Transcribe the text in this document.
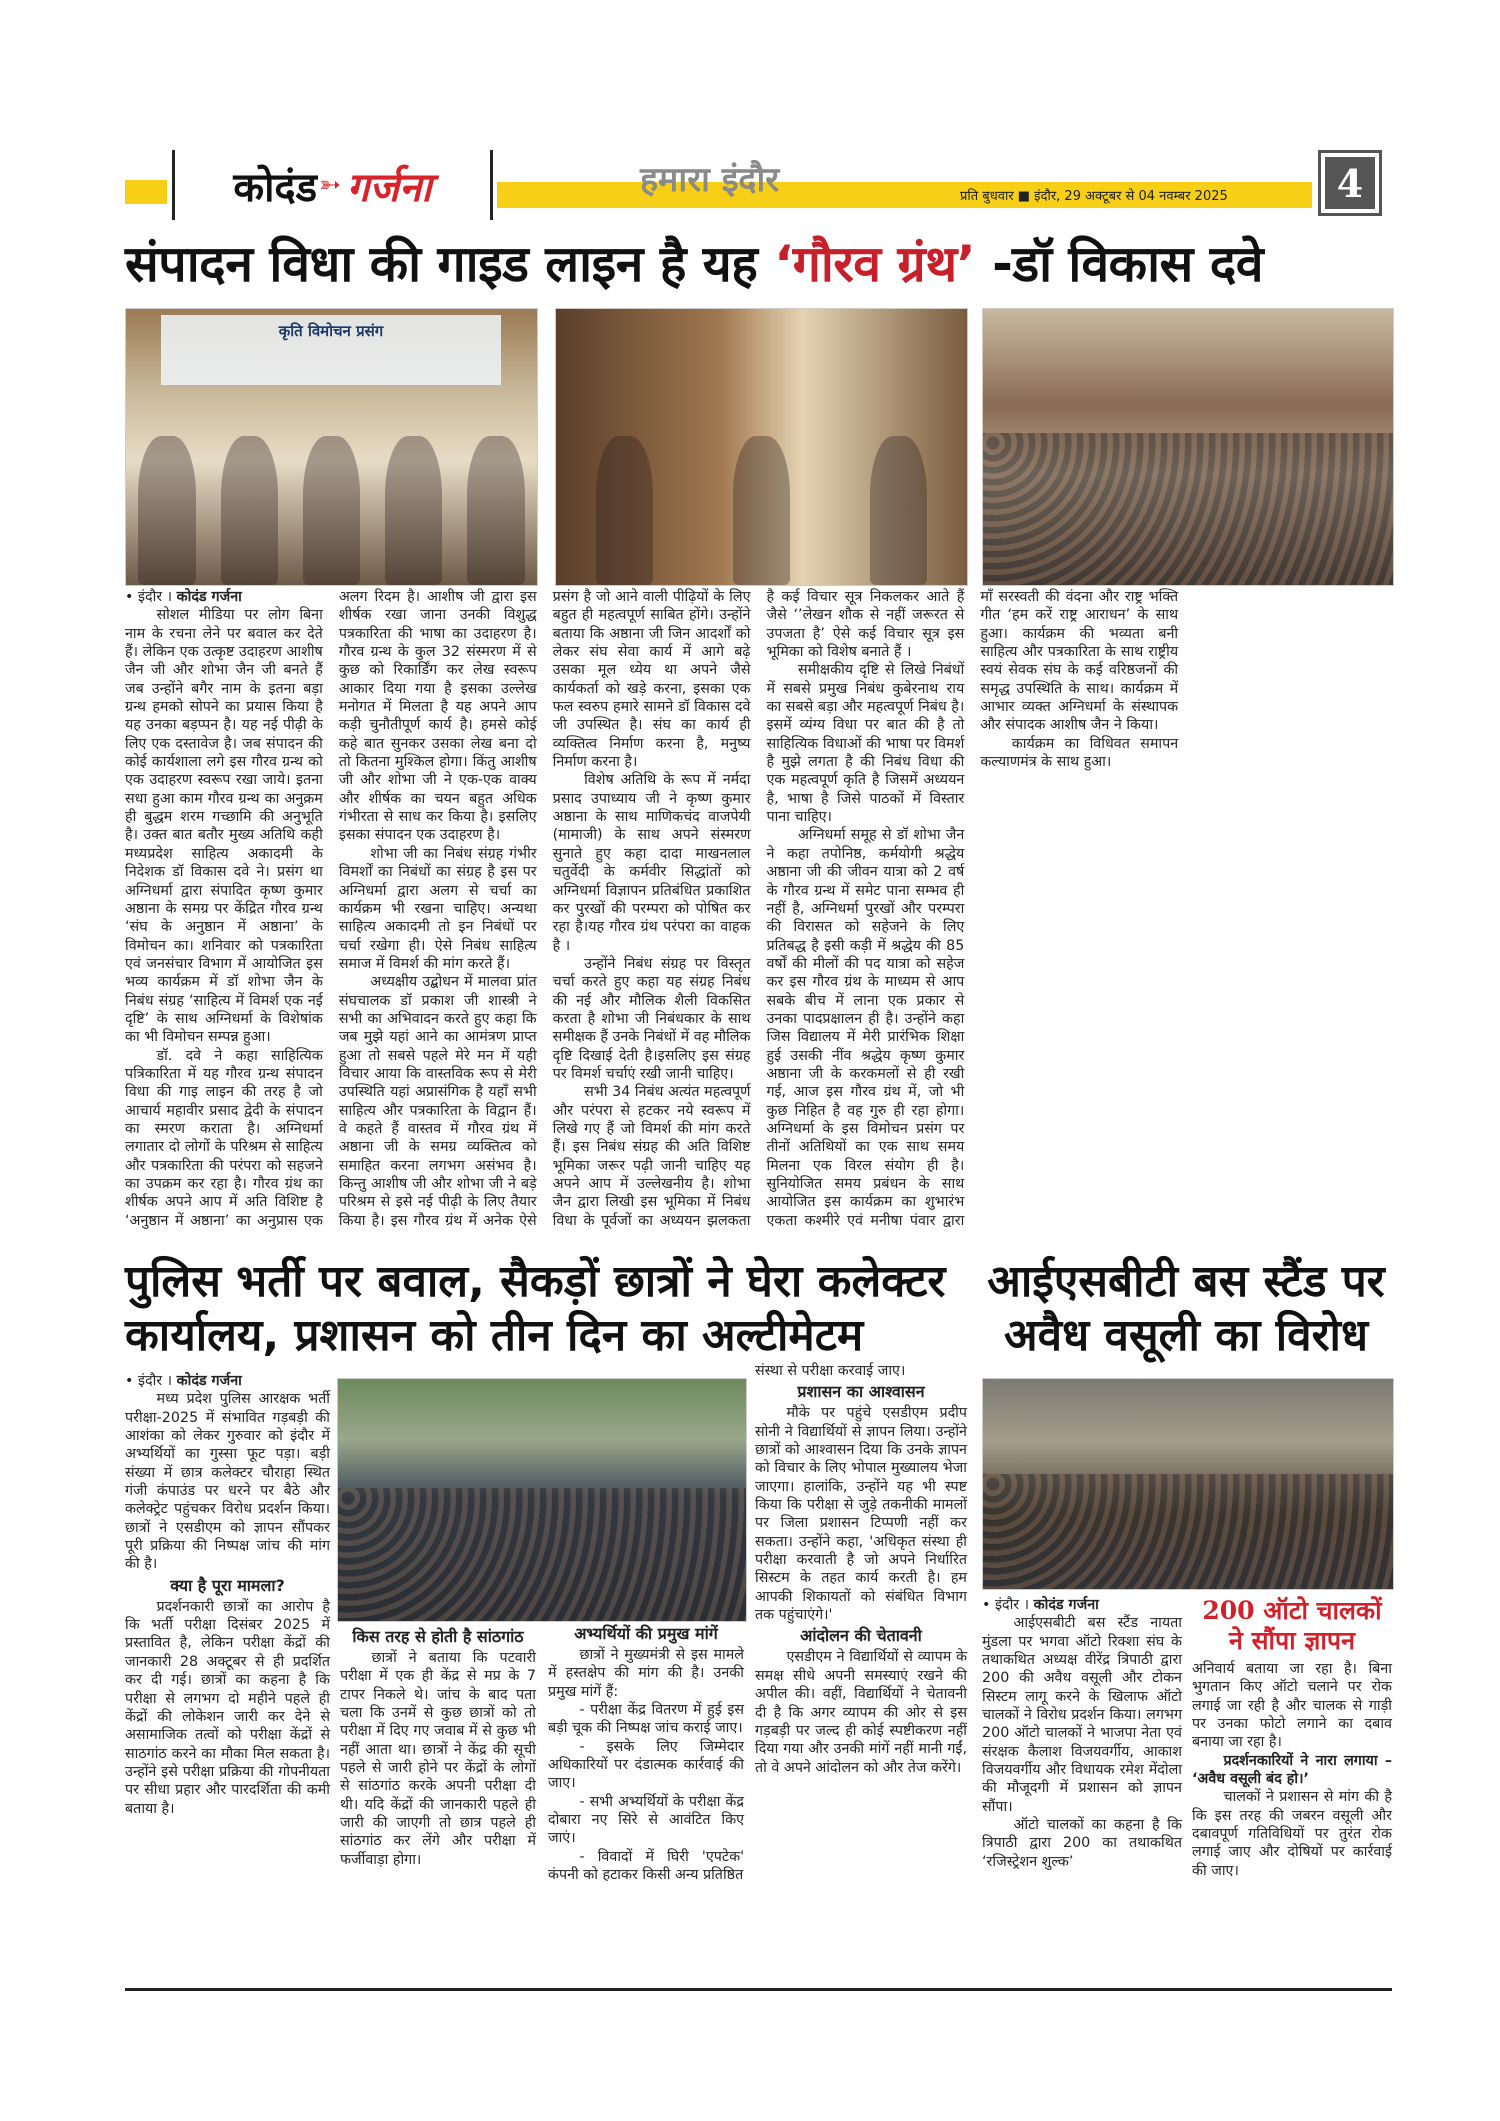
कोदंड ➳ गर्जना	हमारा इंदौर	प्रति बुधवार ■ इंदौर, 29 अक्टूबर से 04 नवम्बर 2025	4
संपादन विधा की गाइड लाइन है यह ‘गौरव ग्रंथ’ -डॉ विकास दवे
कृति विमोचन प्रसंग
• इंदौर । कोदंड गर्जना

सोशल मीडिया पर लोग बिना नाम के रचना लेने पर बवाल कर देते हैं। लेकिन एक उत्कृष्ट उदाहरण आशीष जैन जी और शोभा जैन जी बनते हैं जब उन्होंने बगैर नाम के इतना बड़ा ग्रन्थ हमको सोपने का प्रयास किया है यह उनका बड़प्पन है। यह नई पीढ़ी के लिए एक दस्तावेज है। जब संपादन की कोई कार्यशाला लगे इस गौरव ग्रन्थ को एक उदाहरण स्वरूप रखा जाये। इतना सधा हुआ काम गौरव ग्रन्थ का अनुक्रम ही बुद्धम शरम गच्छामि की अनुभूति है। उक्त बात बतौर मुख्य अतिथि कही मध्यप्रदेश साहित्य अकादमी के निदेशक डॉ विकास दवे ने। प्रसंग था अग्निधर्मा द्वारा संपादित कृष्ण कुमार अष्ठाना के समग्र पर केंद्रित गौरव ग्रन्थ ‘संघ के अनुष्ठान में अष्ठाना’ के विमोचन का। शनिवार को पत्रकारिता एवं जनसंचार विभाग में आयोजित इस भव्य कार्यक्रम में डॉ शोभा जैन के निबंध संग्रह ‘साहित्य में विमर्श एक नई दृष्टि’ के साथ अग्निधर्मा के विशेषांक का भी विमोचन सम्पन्न हुआ।

डॉ. दवे ने कहा साहित्यिक पत्रिकारिता में यह गौरव ग्रन्थ संपादन विधा की गाइ लाइन की तरह है जो आचार्य महावीर प्रसाद द्वेदी के संपादन का स्मरण कराता है। अग्निधर्मा लगातार दो लोगों के परिश्रम से साहित्य और पत्रकारिता की परंपरा को सहजने का उपक्रम कर रहा है। गौरव ग्रंथ का शीर्षक अपने आप में अति विशिष्ट है ‘अनुष्ठान में अष्ठाना’ का अनुप्रास एक अलग रिदम है। आशीष जी द्वारा इस शीर्षक रखा जाना उनकी विशुद्ध पत्रकारिता की भाषा का उदाहरण है। गौरव ग्रन्थ के कुल 32 संस्मरण में से कुछ को रिकार्डिंग कर लेख स्वरूप आकार दिया गया है इसका उल्लेख मनोगत में मिलता है यह अपने आप कड़ी चुनौतीपूर्ण कार्य है। हमसे कोई कहे बात सुनकर उसका लेख बना दो तो कितना मुश्किल होगा। किंतु आशीष जी और शोभा जी ने एक-एक वाक्य और शीर्षक का चयन बहुत अधिक गंभीरता से साध कर किया है। इसलिए इसका संपादन एक उदाहरण है।

शोभा जी का निबंध संग्रह गंभीर विमर्शों का निबंधों का संग्रह है इस पर अग्निधर्मा द्वारा अलग से चर्चा का कार्यक्रम भी रखना चाहिए। अन्यथा साहित्य अकादमी तो इन निबंधों पर चर्चा रखेगा ही। ऐसे निबंध साहित्य समाज में विमर्श की मांग करते हैं।

अध्यक्षीय उद्बोधन में मालवा प्रांत संघचालक डॉ प्रकाश जी शास्त्री ने सभी का अभिवादन करते हुए कहा कि जब मुझे यहां आने का आमंत्रण प्राप्त हुआ तो सबसे पहले मेरे मन में यही विचार आया कि वास्तविक रूप से मेरी उपस्थिति यहां अप्रासंगिक है यहाँ सभी साहित्य और पत्रकारिता के विद्वान हैं। वे कहते हैं वास्तव में गौरव ग्रंथ में अष्ठाना जी के समग्र व्यक्तित्व को समाहित करना लगभग असंभव है।किन्तु आशीष जी और शोभा जी ने बड़े परिश्रम से इसे नई पीढ़ी के लिए तैयार किया है। इस गौरव ग्रंथ में अनेक ऐसे प्रसंग है जो आने वाली पीढ़ियों के लिए बहुत ही महत्वपूर्ण साबित होंगे। उन्होंने बताया कि अष्ठाना जी जिन आदर्शों को लेकर संघ सेवा कार्य में आगे बढ़े उसका मूल ध्येय था अपने जैसे कार्यकर्ता को खड़े करना, इसका एक फल स्वरुप हमारे सामने डॉ विकास दवे जी उपस्थित है। संघ का कार्य ही व्यक्तित्व निर्माण करना है, मनुष्य निर्माण करना है।

विशेष अतिथि के रूप में नर्मदा प्रसाद उपाध्याय जी ने कृष्ण कुमार अष्ठाना के साथ माणिकचंद वाजपेयी (मामाजी) के साथ अपने संस्मरण सुनाते हुए कहा दादा माखनलाल चतुर्वेदी के कर्मवीर सिद्धांतों को अग्निधर्मा विज्ञापन प्रतिबंधित प्रकाशित कर पुरखों की परम्परा को पोषित कर रहा है।यह गौरव ग्रंथ परंपरा का वाहक है ।

उन्होंने निबंध संग्रह पर विस्तृत चर्चा करते हुए कहा यह संग्रह निबंध की नई और मौलिक शैली विकसित करता है शोभा जी निबंधकार के साथ समीक्षक हैं उनके निबंधों में वह मौलिक दृष्टि दिखाई देती है।इसलिए इस संग्रह पर विमर्श चर्चाएं रखी जानी चाहिए।

सभी 34 निबंध अत्यंत महत्वपूर्ण और परंपरा से हटकर नये स्वरूप में लिखे गए हैं जो विमर्श की मांग करते हैं। इस निबंध संग्रह की अति विशिष्ट भूमिका जरूर पढ़ी जानी चाहिए यह अपने आप में उल्लेखनीय है। शोभा जैन द्वारा लिखी इस भूमिका में निबंध विधा के पूर्वजों का अध्ययन झलकता है कई विचार सूत्र निकलकर आते हैं जैसे ‘’लेखन शौक से नहीं जरूरत से उपजता है’ ऐसे कई विचार सूत्र इस भूमिका को विशेष बनाते हैं ।

समीक्षकीय दृष्टि से लिखे निबंधों में सबसे प्रमुख निबंध कुबेरनाथ राय का सबसे बड़ा और महत्वपूर्ण निबंध है। इसमें व्यंग्य विधा पर बात की है तो साहित्यिक विधाओं की भाषा पर विमर्श है मुझे लगता है की निबंध विधा की एक महत्वपूर्ण कृति है जिसमें अध्ययन है, भाषा है जिसे पाठकों में विस्तार पाना चाहिए।

अग्निधर्मा समूह से डॉ शोभा जैन ने कहा तपोनिष्ठ, कर्मयोगी श्रद्धेय अष्ठाना जी की जीवन यात्रा को 2 वर्ष के गौरव ग्रन्थ में समेट पाना सम्भव ही नहीं है, अग्निधर्मा पुरखों और परम्परा की विरासत को सहेजने के लिए प्रतिबद्ध है इसी कड़ी में श्रद्धेय की 85 वर्षों की मीलों की पद यात्रा को सहेज कर इस गौरव ग्रंथ के माध्यम से आप सबके बीच में लाना एक प्रकार से उनका पादप्रक्षालन ही है। उन्होंने कहा जिस विद्यालय में मेरी प्रारंभिक शिक्षा हुई उसकी नींव श्रद्धेय कृष्ण कुमार अष्ठाना जी के करकमलों से ही रखी गई, आज इस गौरव ग्रंथ में, जो भी कुछ निहित है वह गुरु ही रहा होगा। अग्निधर्मा के इस विमोचन प्रसंग पर तीनों अतिथियों का एक साथ समय मिलना एक विरल संयोग ही है। सुनियोजित समय प्रबंधन के साथ आयोजित इस कार्यक्रम का शुभारंभ एकता कश्मीरे एवं मनीषा पंवार द्वारा माँ सरस्वती की वंदना और राष्ट्र भक्ति गीत ‘हम करें राष्ट्र आराधन’ के साथ हुआ। कार्यक्रम की भव्यता बनी साहित्य और पत्रकारिता के साथ राष्ट्रीय स्वयं सेवक संघ के कई वरिष्ठजनों की समृद्ध उपस्थिति के साथ। कार्यक्रम में आभार व्यक्त अग्निधर्मा के संस्थापक और संपादक आशीष जैन ने किया।

कार्यक्रम का विधिवत समापन कल्याणमंत्र के साथ हुआ।

पुलिस भर्ती पर बवाल, सैकड़ों छात्रों ने घेरा कलेक्टर
कार्यालय, प्रशासन को तीन दिन का अल्टीमेटम
• इंदौर । कोदंड गर्जना

मध्य प्रदेश पुलिस आरक्षक भर्ती परीक्षा-2025 में संभावित गड़बड़ी की आशंका को लेकर गुरुवार को इंदौर में अभ्यर्थियों का गुस्सा फूट पड़ा। बड़ी संख्या में छात्र कलेक्टर चौराहा स्थित गंजी कंपाउंड पर धरने पर बैठे और कलेक्ट्रेट पहुंचकर विरोध प्रदर्शन किया। छात्रों ने एसडीएम को ज्ञापन सौंपकर पूरी प्रक्रिया की निष्पक्ष जांच की मांग की है।

क्या है पूरा मामला?

प्रदर्शनकारी छात्रों का आरोप है कि भर्ती परीक्षा दिसंबर 2025 में प्रस्तावित है, लेकिन परीक्षा केंद्रों की जानकारी 28 अक्टूबर से ही प्रदर्शित कर दी गई। छात्रों का कहना है कि परीक्षा से लगभग दो महीने पहले ही केंद्रों की लोकेशन जारी कर देने से असामाजिक तत्वों को परीक्षा केंद्रों से साठगांठ करने का मौका मिल सकता है। उन्होंने इसे परीक्षा प्रक्रिया की गोपनीयता पर सीधा प्रहार और पारदर्शिता की कमी बताया है।

किस तरह से होती है सांठगांठ

छात्रों ने बताया कि पटवारी परीक्षा में एक ही केंद्र से मप्र के 7 टापर निकले थे। जांच के बाद पता चला कि उनमें से कुछ छात्रों को तो परीक्षा में दिए गए जवाब में से कुछ भी नहीं आता था। छात्रों ने केंद्र की सूची पहले से जारी होने पर केंद्रों के लोगों से सांठगांठ करके अपनी परीक्षा दी थी। यदि केंद्रों की जानकारी पहले ही जारी की जाएगी तो छात्र पहले ही सांठगांठ कर लेंगे और परीक्षा में फर्जीवाड़ा होगा।

अभ्यर्थियों की प्रमुख मांगें

छात्रों ने मुख्यमंत्री से इस मामले में हस्तक्षेप की मांग की है। उनकी प्रमुख मांगें हैं:

- परीक्षा केंद्र वितरण में हुई इस बड़ी चूक की निष्पक्ष जांच कराई जाए।

- इसके लिए जिम्मेदार अधिकारियों पर दंडात्मक कार्रवाई की जाए।

- सभी अभ्यर्थियों के परीक्षा केंद्र दोबारा नए सिरे से आवंटित किए जाएं।

- विवादों में घिरी 'एपटेक' कंपनी को हटाकर किसी अन्य प्रतिष्ठित

संस्था से परीक्षा करवाई जाए।
प्रशासन का आश्वासन

मौके पर पहुंचे एसडीएम प्रदीप सोनी ने विद्यार्थियों से ज्ञापन लिया। उन्होंने छात्रों को आश्वासन दिया कि उनके ज्ञापन को विचार के लिए भोपाल मुख्यालय भेजा जाएगा। हालांकि, उन्होंने यह भी स्पष्ट किया कि परीक्षा से जुड़े तकनीकी मामलों पर जिला प्रशासन टिप्पणी नहीं कर सकता। उन्होंने कहा, 'अधिकृत संस्था ही परीक्षा करवाती है जो अपने निर्धारित सिस्टम के तहत कार्य करती है। हम आपकी शिकायतों को संबंधित विभाग तक पहुंचाएंगे।'

आंदोलन की चेतावनी

एसडीएम ने विद्यार्थियों से व्यापम के समक्ष सीधे अपनी समस्याएं रखने की अपील की। वहीं, विद्यार्थियों ने चेतावनी दी है कि अगर व्यापम की ओर से इस गड़बड़ी पर जल्द ही कोई स्पष्टीकरण नहीं दिया गया और उनकी मांगें नहीं मानी गईं, तो वे अपने आंदोलन को और तेज करेंगे।

आईएसबीटी बस स्टैंड पर
अवैध वसूली का विरोध
• इंदौर । कोदंड गर्जना

आईएसबीटी बस स्टैंड नायता मुंडला पर भगवा ऑटो रिक्शा संघ के तथाकथित अध्यक्ष वीरेंद्र त्रिपाठी द्वारा 200 की अवैध वसूली और टोकन सिस्टम लागू करने के खिलाफ ऑटो चालकों ने विरोध प्रदर्शन किया। लगभग 200 ऑटो चालकों ने भाजपा नेता एवं संरक्षक कैलाश विजयवर्गीय, आकाश विजयवर्गीय और विधायक रमेश मेंदोला की मौजूदगी में प्रशासन को ज्ञापन सौंपा।

ऑटो चालकों का कहना है कि त्रिपाठी द्वारा 200 का तथाकथित ‘रजिस्ट्रेशन शुल्क’

200 ऑटो चालकों ने सौंपा ज्ञापन
अनिवार्य बताया जा रहा है। बिना भुगतान किए ऑटो चलाने पर रोक लगाई जा रही है और चालक से गाड़ी पर उनका फोटो लगाने का दबाव बनाया जा रहा है।

प्रदर्शनकारियों ने नारा लगाया – ‘अवैध वसूली बंद हो।’

चालकों ने प्रशासन से मांग की है कि इस तरह की जबरन वसूली और दबावपूर्ण गतिविधियों पर तुरंत रोक लगाई जाए और दोषियों पर कार्रवाई की जाए।
